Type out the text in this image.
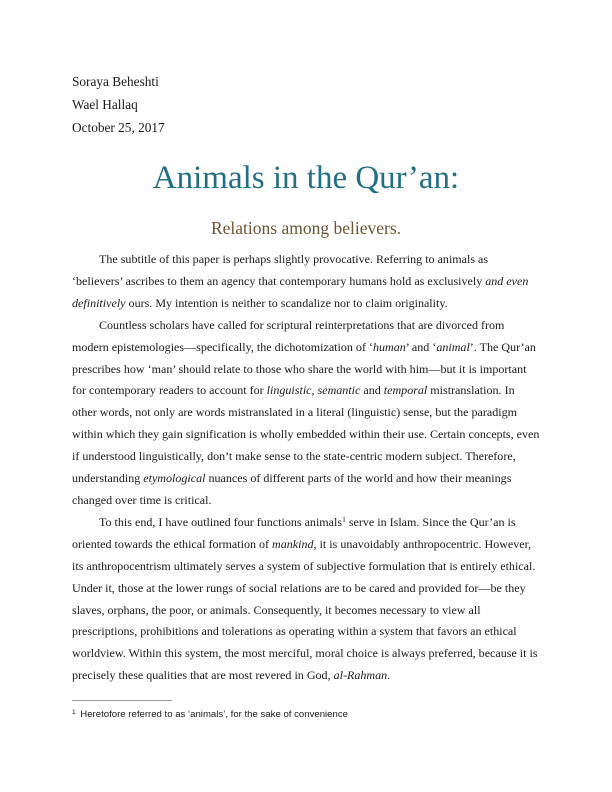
Soraya Beheshti
Wael Hallaq
October 25, 2017
Animals in the Qur’an:
Relations among believers.

The subtitle of this paper is perhaps slightly provocative. Referring to animals as ‘believers’ ascribes to them an agency that contemporary humans hold as exclusively and even definitively ours. My intention is neither to scandalize nor to claim originality.

Countless scholars have called for scriptural reinterpretations that are divorced from modern epistemologies—specifically, the dichotomization of ‘human’ and ‘animal’. The Qur’an prescribes how ‘man’ should relate to those who share the world with him—but it is important for contemporary readers to account for linguistic, semantic and temporal mistranslation. In other words, not only are words mistranslated in a literal (linguistic) sense, but the paradigm within which they gain signification is wholly embedded within their use. Certain concepts, even if understood linguistically, don’t make sense to the state-centric modern subject. Therefore, understanding etymological nuances of different parts of the world and how their meanings changed over time is critical.

To this end, I have outlined four functions animals$^1$ serve in Islam. Since the Qur’an is oriented towards the ethical formation of mankind, it is unavoidably anthropocentric. However, its anthropocentrism ultimately serves a system of subjective formulation that is entirely ethical. Under it, those at the lower rungs of social relations are to be cared and provided for—be they slaves, orphans, the poor, or animals. Consequently, it becomes necessary to view all prescriptions, prohibitions and tolerations as operating within a system that favors an ethical worldview. Within this system, the most merciful, moral choice is always preferred, because it is precisely these qualities that are most revered in God, al-Rahman.

$^1$ Heretofore referred to as ‘animals’, for the sake of convenience
